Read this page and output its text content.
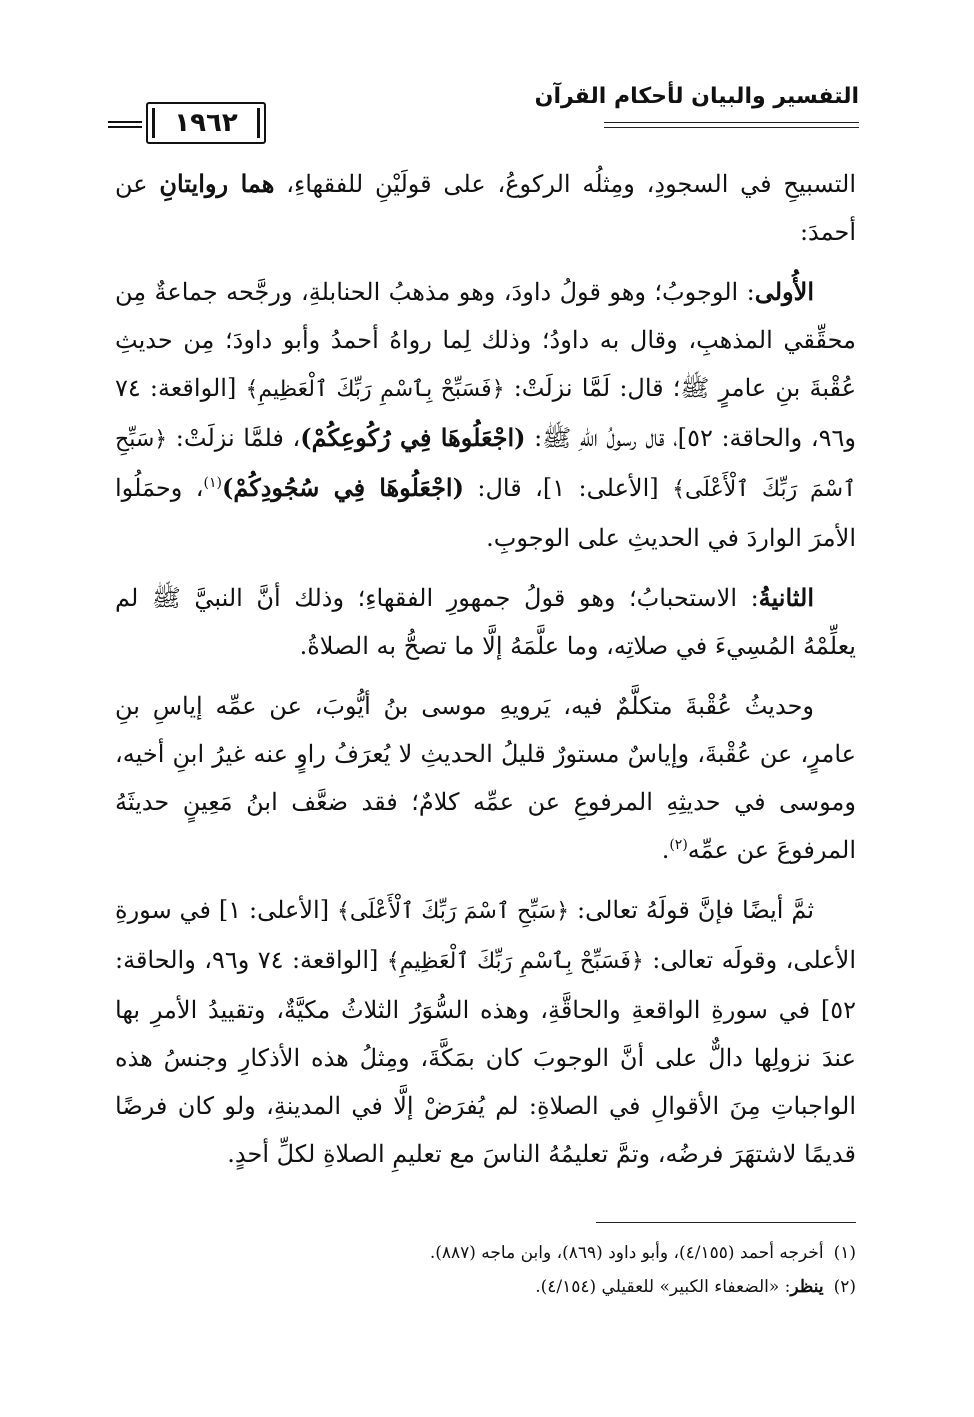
التفسير والبيان لأحكام القرآن
١٩٦٢

التسبيحِ في السجودِ، ومِثلُه الركوعُ، على قولَيْنِ للفقهاءِ، هما روايتانِ عن أحمدَ:

الأُولى: الوجوبُ؛ وهو قولُ داودَ، وهو مذهبُ الحنابلةِ، ورجَّحه جماعةٌ مِن محقِّقي المذهبِ، وقال به داودُ؛ وذلك لِما رواهُ أحمدُ وأبو داودَ؛ مِن حديثِ عُقْبةَ بنِ عامرٍ ﷺ؛ قال: لَمَّا نزلَتْ: ﴿فَسَبِّحْ بِٱسْمِ رَبِّكَ ٱلْعَظِيمِ﴾ [الواقعة: ٧٤ و٩٦، والحاقة: ٥٢]، قال رسولُ اللهِ ﷺ: (اجْعَلُوهَا فِي رُكُوعِكُمْ)، فلمَّا نزلَتْ: ﴿سَبِّحِ ٱسْمَ رَبِّكَ ٱلْأَعْلَى﴾ [الأعلى: ١]، قال: (اجْعَلُوهَا فِي سُجُودِكُمْ)$^{(١)}$، وحمَلُوا الأمرَ الواردَ في الحديثِ على الوجوبِ.

الثانيةُ: الاستحبابُ؛ وهو قولُ جمهورِ الفقهاءِ؛ وذلك أنَّ النبيَّ ﷺ لم يعلِّمْهُ المُسِيءَ في صلاتِه، وما علَّمَهُ إلَّا ما تصحُّ به الصلاةُ.

وحديثُ عُقْبةَ متكلَّمٌ فيه، يَرويهِ موسى بنُ أيُّوبَ، عن عمِّه إياسِ بنِ عامرٍ، عن عُقْبةَ، وإياسٌ مستورٌ قليلُ الحديثِ لا يُعرَفُ راوٍ عنه غيرُ ابنِ أخيه، وموسى في حديثِهِ المرفوعِ عن عمِّه كلامٌ؛ فقد ضعَّف ابنُ مَعِينٍ حديثَهُ المرفوعَ عن عمِّه$^{(٢)}$.

ثمَّ أيضًا فإنَّ قولَهُ تعالى: ﴿سَبِّحِ ٱسْمَ رَبِّكَ ٱلْأَعْلَى﴾ [الأعلى: ١] في سورةِ الأعلى، وقولَه تعالى: ﴿فَسَبِّحْ بِٱسْمِ رَبِّكَ ٱلْعَظِيمِ﴾ [الواقعة: ٧٤ و٩٦، والحاقة: ٥٢] في سورةِ الواقعةِ والحاقَّةِ، وهذه السُّوَرُ الثلاثُ مكيَّةٌ، وتقييدُ الأمرِ بها عندَ نزولِها دالٌّ على أنَّ الوجوبَ كان بمَكَّةَ، ومِثلُ هذه الأذكارِ وجنسُ هذه الواجباتِ مِنَ الأقوالِ في الصلاةِ: لم يُفرَضْ إلَّا في المدينةِ، ولو كان فرضًا قديمًا لاشتهَرَ فرضُه، وتمَّ تعليمُهُ الناسَ مع تعليمِ الصلاةِ لكلِّ أحدٍ.

(١)
أخرجه أحمد (٤/١٥٥)، وأبو داود (٨٦٩)، وابن ماجه (٨٨٧).
(٢)
ينظر: «الضعفاء الكبير» للعقيلي (٤/١٥٤).
